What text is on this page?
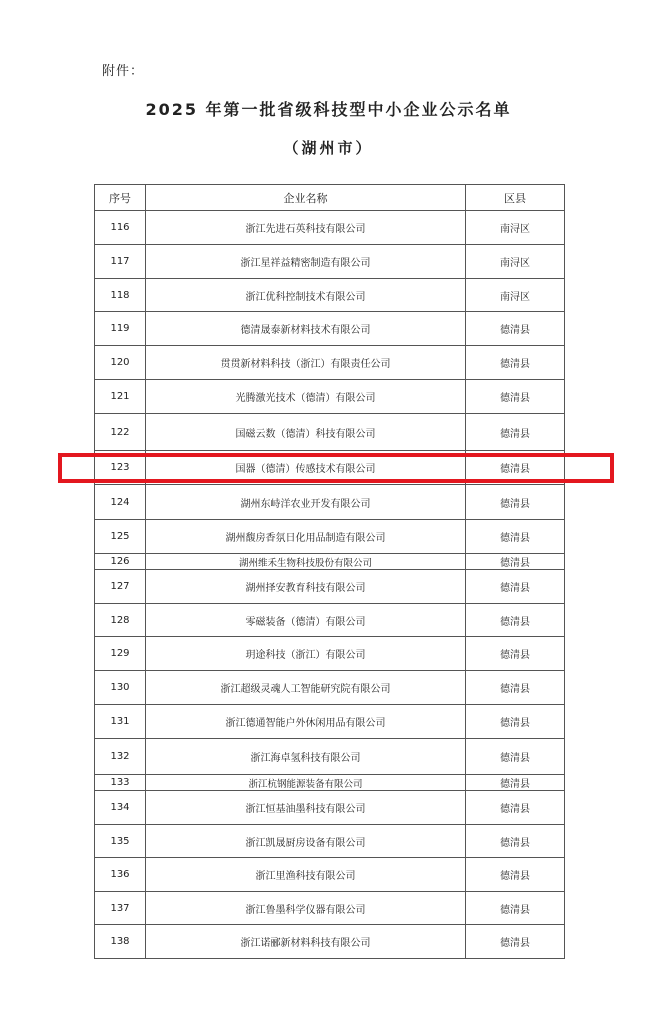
附件：
2025 年第一批省级科技型中小企业公示名单
（湖州市）
序号	企业名称	区县
116	浙江先进石英科技有限公司	南浔区
117	浙江星祥益精密制造有限公司	南浔区
118	浙江优科控制技术有限公司	南浔区
119	德清晟泰新材料技术有限公司	德清县
120	贯贯新材料科技（浙江）有限责任公司	德清县
121	光腾激光技术（德清）有限公司	德清县
122	国磁云数（德清）科技有限公司	德清县
123	国器（德清）传感技术有限公司	德清县
124	湖州东峙洋农业开发有限公司	德清县
125	湖州馥房香氛日化用品制造有限公司	德清县
126	湖州维禾生物科技股份有限公司	德清县
127	湖州择安教育科技有限公司	德清县
128	零磁装备（德清）有限公司	德清县
129	玥途科技（浙江）有限公司	德清县
130	浙江超级灵魂人工智能研究院有限公司	德清县
131	浙江德通智能户外休闲用品有限公司	德清县
132	浙江海卓氢科技有限公司	德清县
133	浙江杭钢能源装备有限公司	德清县
134	浙江恒基油墨科技有限公司	德清县
135	浙江凯晟厨房设备有限公司	德清县
136	浙江里渔科技有限公司	德清县
137	浙江鲁墨科学仪器有限公司	德清县
138	浙江诺郦新材料科技有限公司	德清县
